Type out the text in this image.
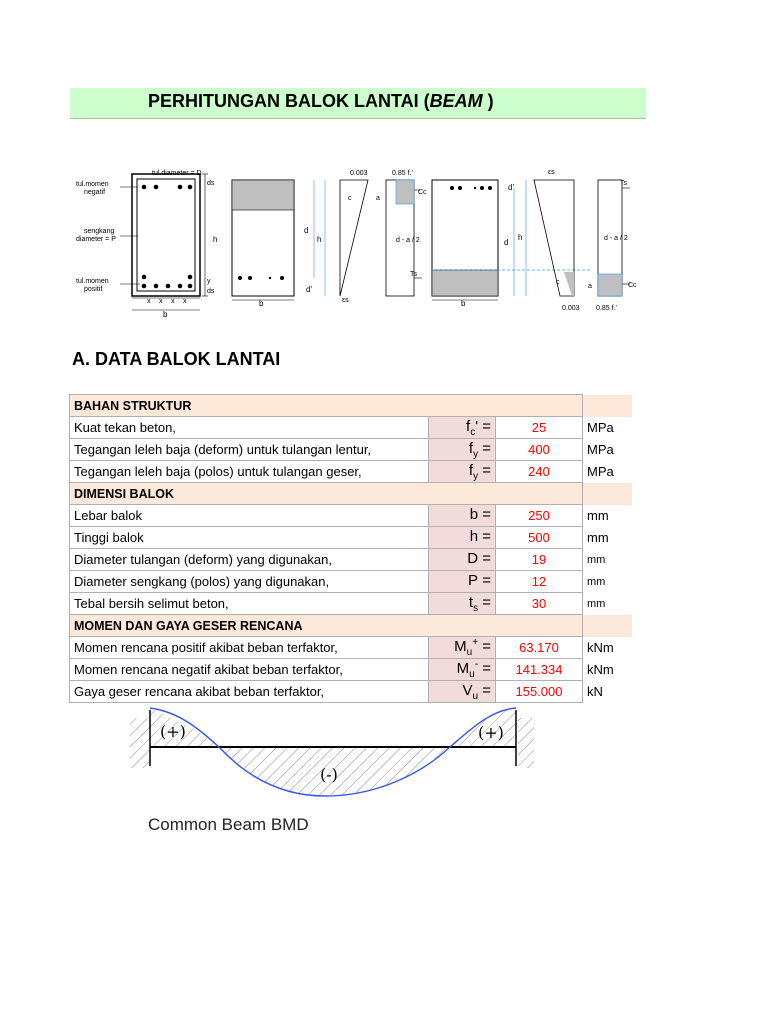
PERHITUNGAN BALOK LANTAI (BEAM )
tul.momen
negatif
tul.diameter = D
sengkang
diameter = P
tul.momen
positif
h
ds
y
ds
b
x x x x	b
d
h
d'
0.003
c
εs
0.85 f.'
a
Cc
d - a / 2
Ts
b
d
h
d'
εs
c
0.003
Ts
d - a / 2
a	Cc
0.85 f.'
A. DATA BALOK LANTAI
BAHAN STRUKTUR			
Kuat tekan beton,	$f_c'$ =	25	MPa
Tegangan leleh baja (deform) untuk tulangan lentur,	$f_y$ =	400	MPa
Tegangan leleh baja (polos) untuk tulangan geser,	$f_y$ =	240	MPa
DIMENSI BALOK			
Lebar balok	b =	250	mm
Tinggi balok	h =	500	mm
Diameter tulangan (deform) yang digunakan,	D =	19	mm
Diameter sengkang (polos) yang digunakan,	P =	12	mm
Tebal bersih selimut beton,	$t_s$ =	30	mm
MOMEN DAN GAYA GESER RENCANA			
Momen rencana positif akibat beban terfaktor,	$M_u^+$ =	63.170	kNm
Momen rencana negatif akibat beban terfaktor,	$M_u^-$ =	141.334	kNm
Gaya geser rencana akibat beban terfaktor,	$V_u$ =	155.000	kN
(+)	(+)
(-)
Common Beam BMD
